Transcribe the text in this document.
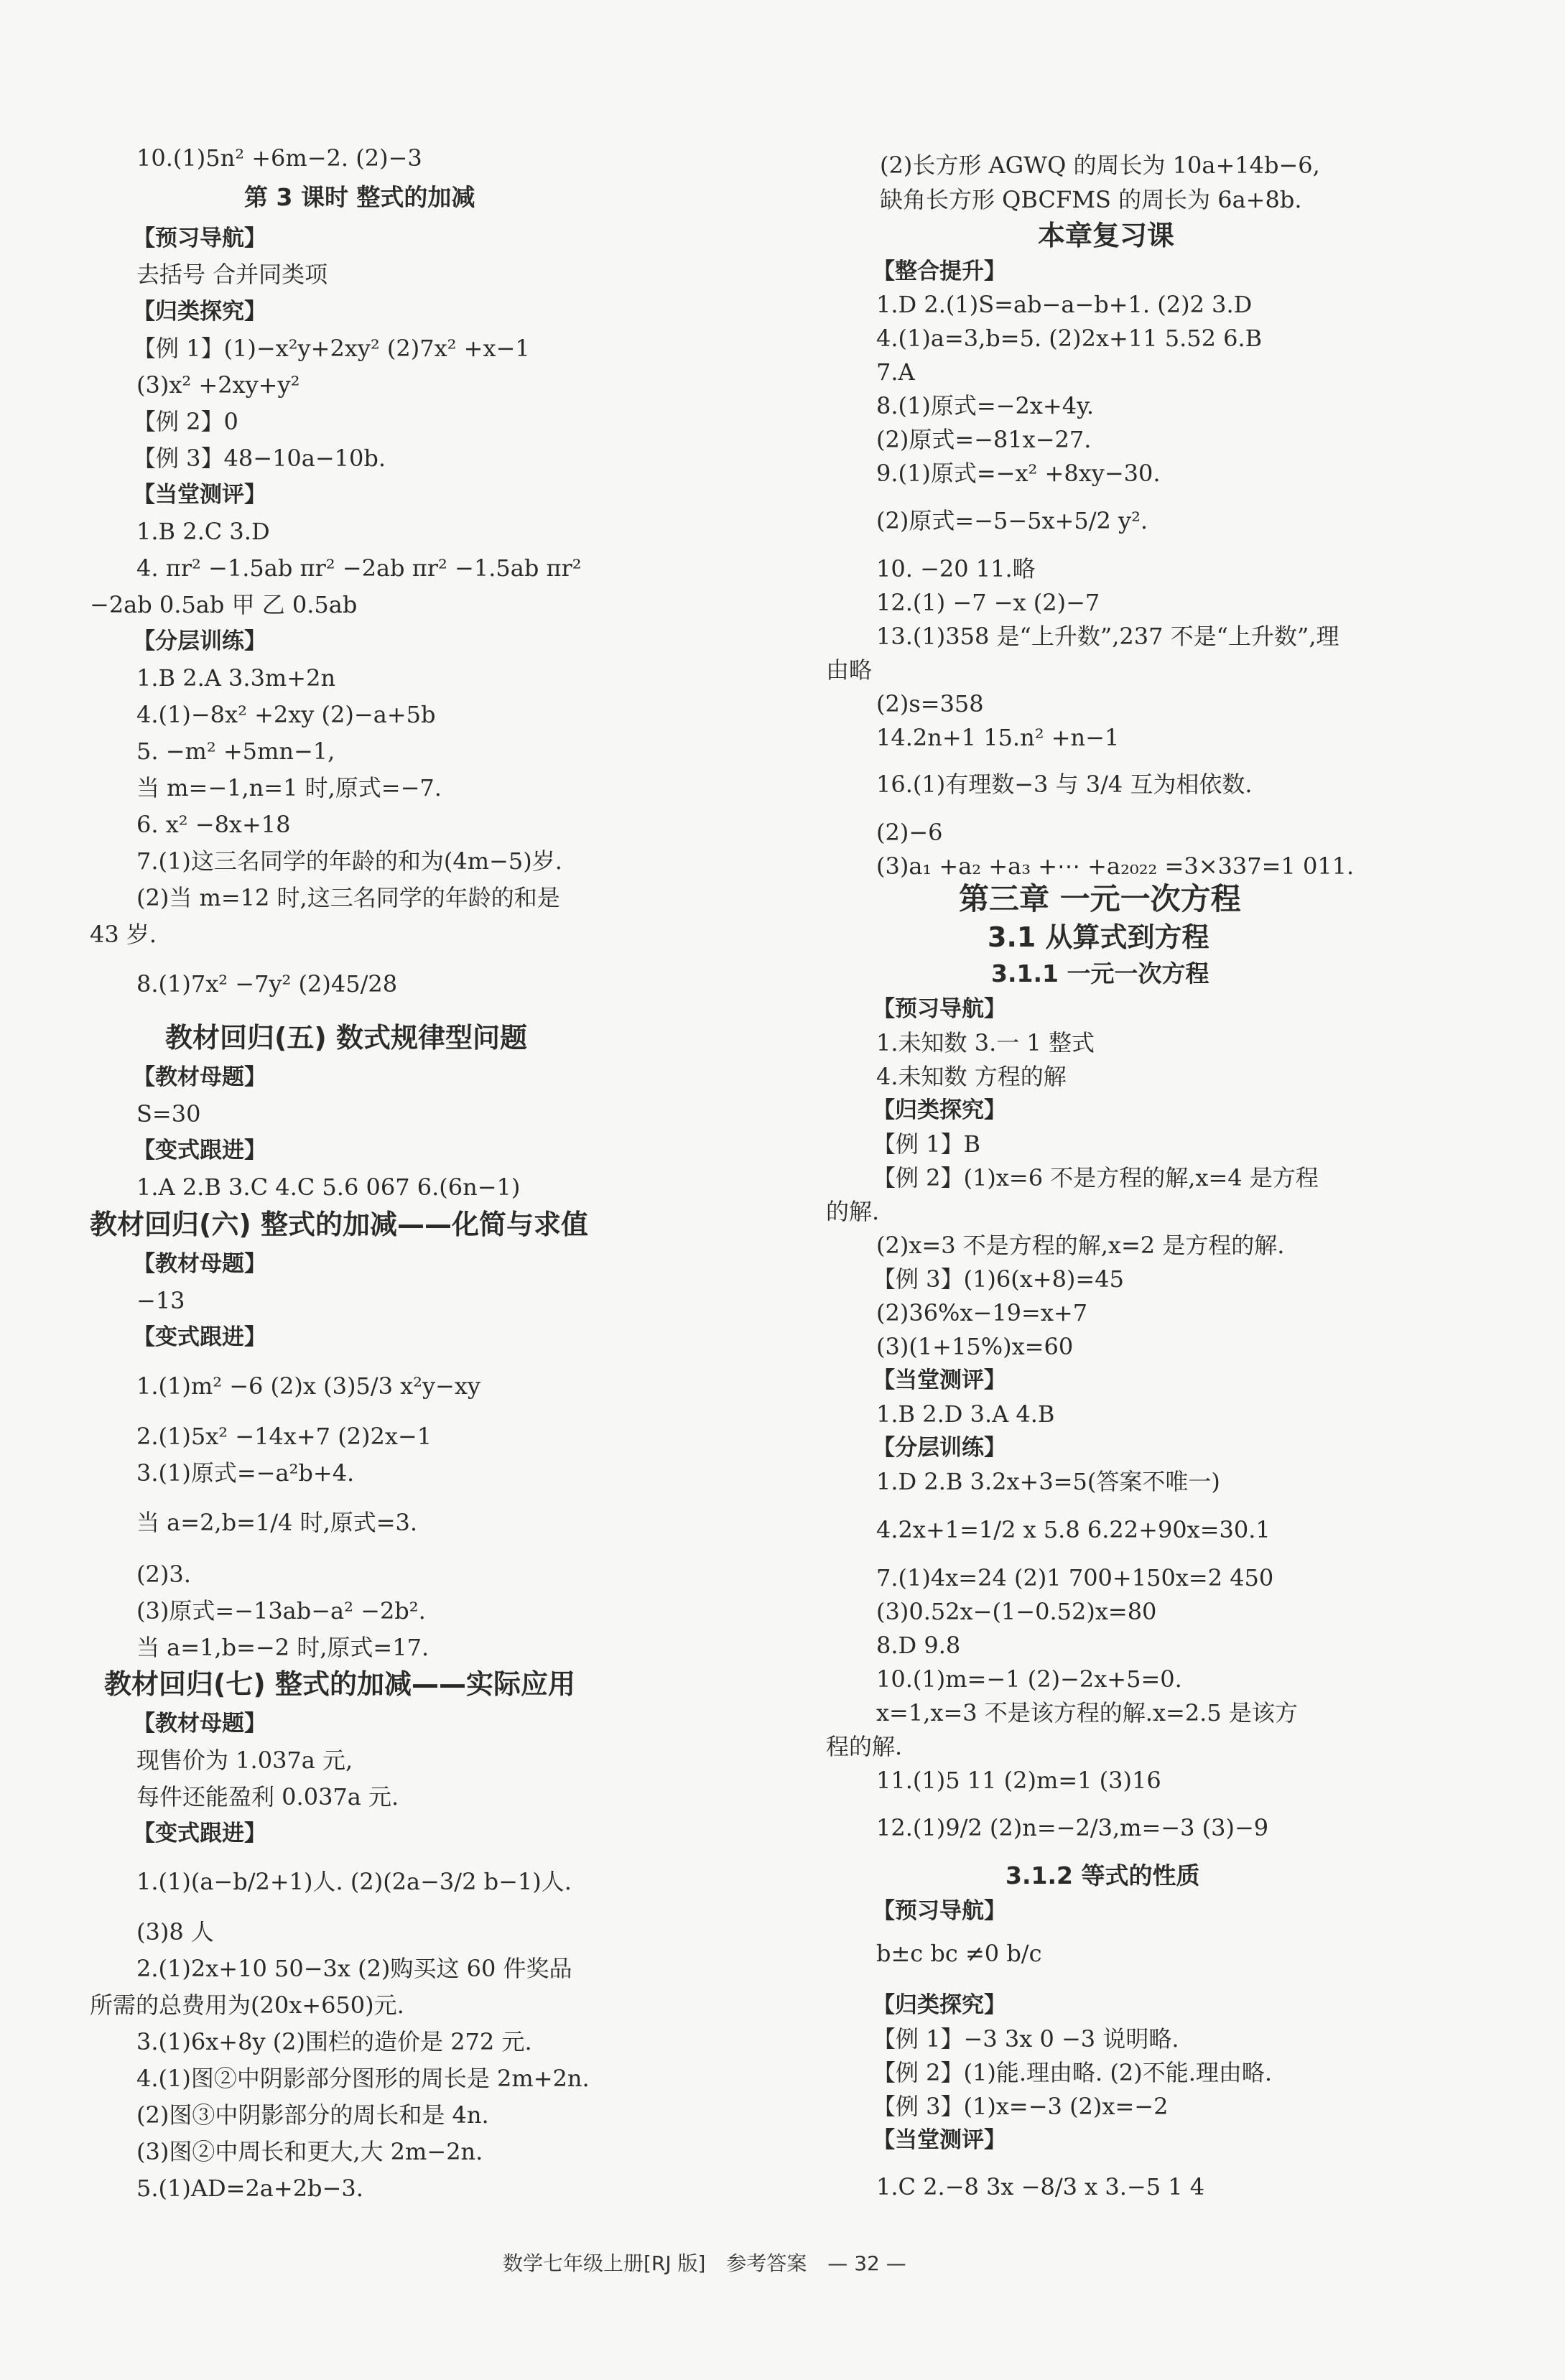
10.(1)5n² +6m−2. (2)−3
第 3 课时 整式的加减
【预习导航】
去括号 合并同类项
【归类探究】
【例 1】(1)−x²y+2xy² (2)7x² +x−1
(3)x² +2xy+y²
【例 2】0
【例 3】48−10a−10b.
【当堂测评】
1.B 2.C 3.D
4. πr² −1.5ab πr² −2ab πr² −1.5ab πr²
−2ab 0.5ab 甲 乙 0.5ab
【分层训练】
1.B 2.A 3.3m+2n
4.(1)−8x² +2xy (2)−a+5b
5. −m² +5mn−1,
当 m=−1,n=1 时,原式=−7.
6. x² −8x+18
7.(1)这三名同学的年龄的和为(4m−5)岁.
(2)当 m=12 时,这三名同学的年龄的和是
43 岁.
8.(1)7x² −7y² (2)45/28
教材回归(五) 数式规律型问题
【教材母题】
S=30
【变式跟进】
1.A 2.B 3.C 4.C 5.6 067 6.(6n−1)
教材回归(六) 整式的加减——化简与求值
【教材母题】
−13
【变式跟进】
1.(1)m² −6 (2)x (3)5/3 x²y−xy
2.(1)5x² −14x+7 (2)2x−1
3.(1)原式=−a²b+4.
当 a=2,b=1/4 时,原式=3.
(2)3.
(3)原式=−13ab−a² −2b².
当 a=1,b=−2 时,原式=17.
教材回归(七) 整式的加减——实际应用
【教材母题】
现售价为 1.037a 元,
每件还能盈利 0.037a 元.
【变式跟进】
1.(1)(a−b/2+1)人. (2)(2a−3/2 b−1)人.
(3)8 人
2.(1)2x+10 50−3x (2)购买这 60 件奖品
所需的总费用为(20x+650)元.
3.(1)6x+8y (2)围栏的造价是 272 元.
4.(1)图②中阴影部分图形的周长是 2m+2n.
(2)图③中阴影部分的周长和是 4n.
(3)图②中周长和更大,大 2m−2n.
5.(1)AD=2a+2b−3.
(2)长方形 AGWQ 的周长为 10a+14b−6,
缺角长方形 QBCFMS 的周长为 6a+8b.
本章复习课
【整合提升】
1.D 2.(1)S=ab−a−b+1. (2)2 3.D
4.(1)a=3,b=5. (2)2x+11 5.52 6.B
7.A
8.(1)原式=−2x+4y.
(2)原式=−81x−27.
9.(1)原式=−x² +8xy−30.
(2)原式=−5−5x+5/2 y².
10. −20 11.略
12.(1) −7 −x (2)−7
13.(1)358 是“上升数”,237 不是“上升数”,理
由略
(2)s=358
14.2n+1 15.n² +n−1
16.(1)有理数−3 与 3/4 互为相依数.
(2)−6
(3)a₁ +a₂ +a₃ +⋯ +a₂₀₂₂ =3×337=1 011.
第三章 一元一次方程
3.1 从算式到方程
3.1.1 一元一次方程
【预习导航】
1.未知数 3.一 1 整式
4.未知数 方程的解
【归类探究】
【例 1】B
【例 2】(1)x=6 不是方程的解,x=4 是方程
的解.
(2)x=3 不是方程的解,x=2 是方程的解.
【例 3】(1)6(x+8)=45
(2)36%x−19=x+7
(3)(1+15%)x=60
【当堂测评】
1.B 2.D 3.A 4.B
【分层训练】
1.D 2.B 3.2x+3=5(答案不唯一)
4.2x+1=1/2 x 5.8 6.22+90x=30.1
7.(1)4x=24 (2)1 700+150x=2 450
(3)0.52x−(1−0.52)x=80
8.D 9.8
10.(1)m=−1 (2)−2x+5=0.
x=1,x=3 不是该方程的解.x=2.5 是该方
程的解.
11.(1)5 11 (2)m=1 (3)16
12.(1)9/2 (2)n=−2/3,m=−3 (3)−9
3.1.2 等式的性质
【预习导航】
b±c bc ≠0 b/c
【归类探究】
【例 1】−3 3x 0 −3 说明略.
【例 2】(1)能.理由略. (2)不能.理由略.
【例 3】(1)x=−3 (2)x=−2
【当堂测评】
1.C 2.−8 3x −8/3 x 3.−5 1 4
数学七年级上册[RJ 版] 参考答案 — 32 —
